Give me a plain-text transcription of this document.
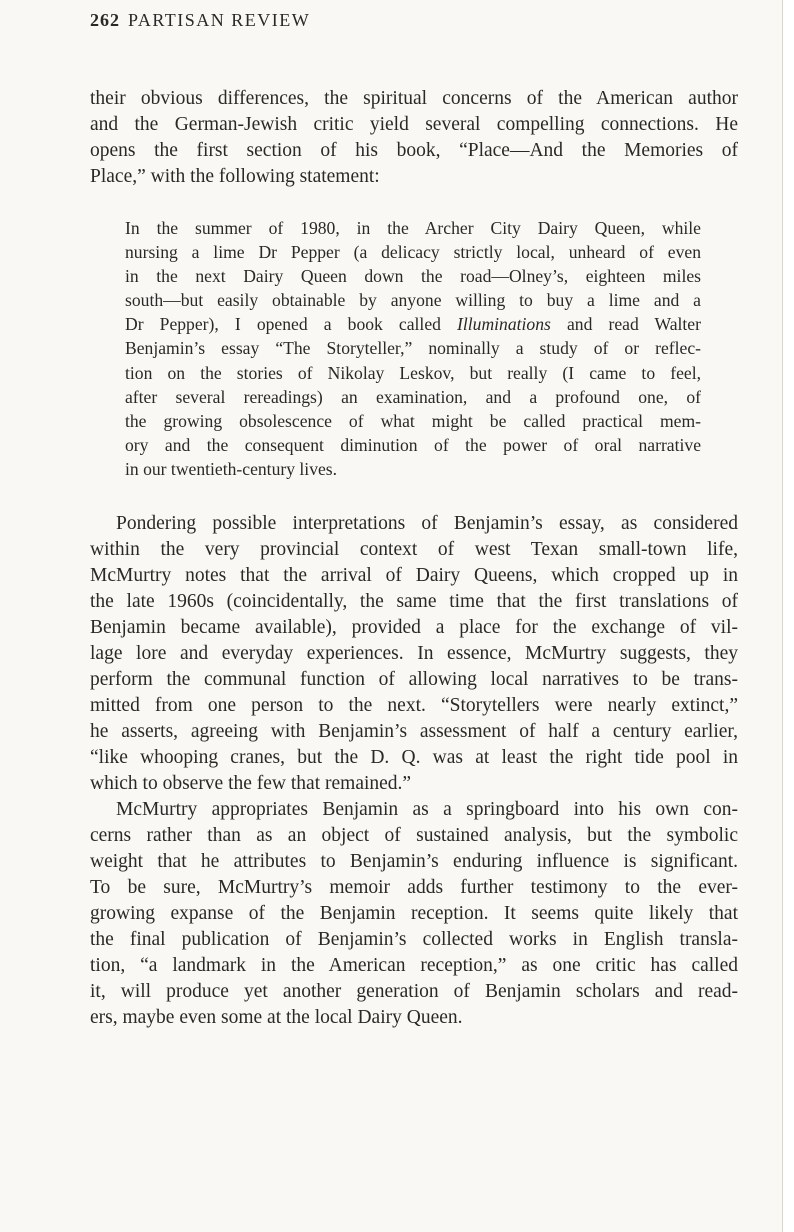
262 PARTISAN REVIEW
their obvious differences, the spiritual concerns of the American author
and the German-Jewish critic yield several compelling connections. He
opens the first section of his book, “Place—And the Memories of
Place,” with the following statement:
In the summer of 1980, in the Archer City Dairy Queen, while
nursing a lime Dr Pepper (a delicacy strictly local, unheard of even
in the next Dairy Queen down the road—Olney’s, eighteen miles
south—but easily obtainable by anyone willing to buy a lime and a
Dr Pepper), I opened a book called Illuminations and read Walter
Benjamin’s essay “The Storyteller,” nominally a study of or reflec-
tion on the stories of Nikolay Leskov, but really (I came to feel,
after several rereadings) an examination, and a profound one, of
the growing obsolescence of what might be called practical mem-
ory and the consequent diminution of the power of oral narrative
in our twentieth-century lives.
Pondering possible interpretations of Benjamin’s essay, as considered
within the very provincial context of west Texan small-town life,
McMurtry notes that the arrival of Dairy Queens, which cropped up in
the late 1960s (coincidentally, the same time that the first translations of
Benjamin became available), provided a place for the exchange of vil-
lage lore and everyday experiences. In essence, McMurtry suggests, they
perform the communal function of allowing local narratives to be trans-
mitted from one person to the next. “Storytellers were nearly extinct,”
he asserts, agreeing with Benjamin’s assessment of half a century earlier,
“like whooping cranes, but the D. Q. was at least the right tide pool in
which to observe the few that remained.”
McMurtry appropriates Benjamin as a springboard into his own con-
cerns rather than as an object of sustained analysis, but the symbolic
weight that he attributes to Benjamin’s enduring influence is significant.
To be sure, McMurtry’s memoir adds further testimony to the ever-
growing expanse of the Benjamin reception. It seems quite likely that
the final publication of Benjamin’s collected works in English transla-
tion, “a landmark in the American reception,” as one critic has called
it, will produce yet another generation of Benjamin scholars and read-
ers, maybe even some at the local Dairy Queen.
